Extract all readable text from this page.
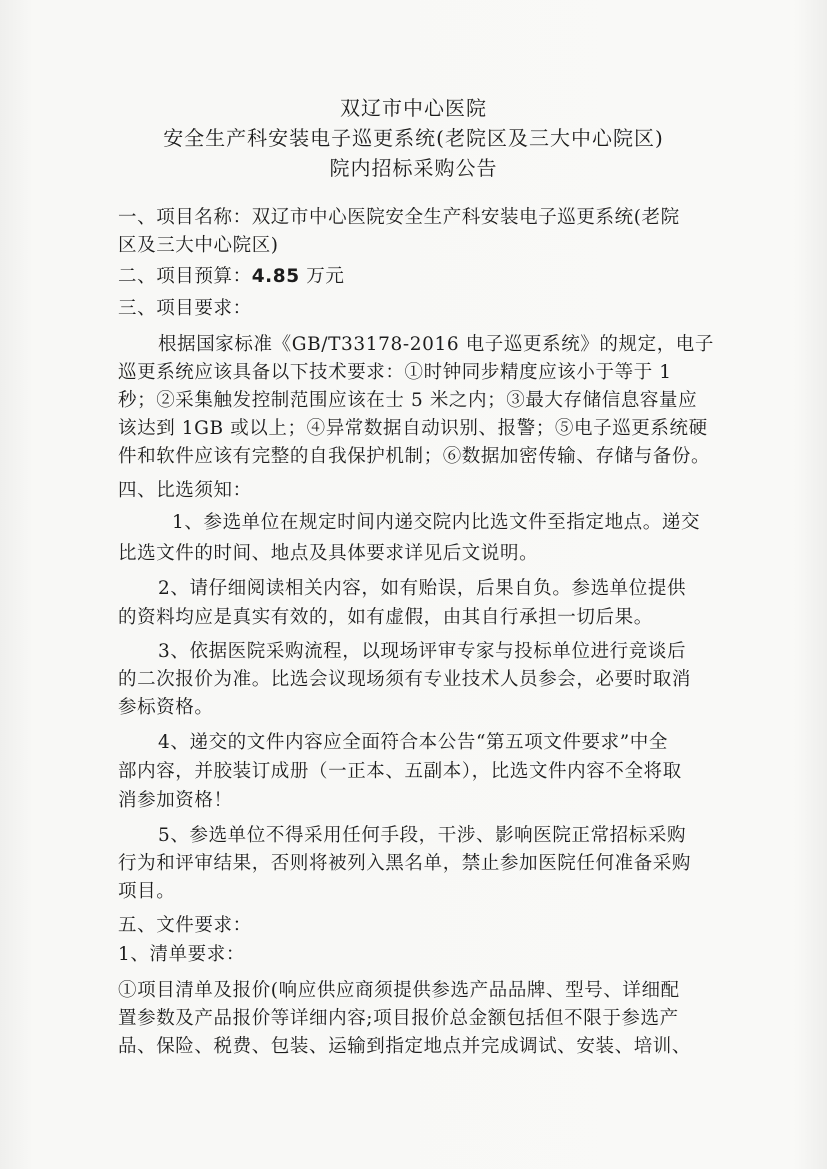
双辽市中心医院
安全生产科安装电子巡更系统(老院区及三大中心院区)
院内招标采购公告
一、项目名称：双辽市中心医院安全生产科安装电子巡更系统(老院
区及三大中心院区)
二、项目预算：4.85 万元
三、项目要求：
根据国家标准《GB/T33178-2016 电子巡更系统》的规定，电子
巡更系统应该具备以下技术要求：①时钟同步精度应该小于等于 1
秒；②采集触发控制范围应该在士 5 米之内；③最大存储信息容量应
该达到 1GB 或以上；④异常数据自动识别、报警；⑤电子巡更系统硬
件和软件应该有完整的自我保护机制；⑥数据加密传输、存储与备份。
四、比选须知：
1、参选单位在规定时间内递交院内比选文件至指定地点。递交
比选文件的时间、地点及具体要求详见后文说明。
2、请仔细阅读相关内容，如有贻误，后果自负。参选单位提供
的资料均应是真实有效的，如有虚假，由其自行承担一切后果。
3、依据医院采购流程，以现场评审专家与投标单位进行竞谈后
的二次报价为准。比选会议现场须有专业技术人员参会，必要时取消
参标资格。
4、递交的文件内容应全面符合本公告“第五项文件要求”中全
部内容，并胶装订成册（一正本、五副本），比选文件内容不全将取
消参加资格！
5、参选单位不得采用任何手段，干涉、影响医院正常招标采购
行为和评审结果，否则将被列入黑名单，禁止参加医院任何准备采购
项目。
五、文件要求：
1、清单要求：
①项目清单及报价(响应供应商须提供参选产品品牌、型号、详细配
置参数及产品报价等详细内容;项目报价总金额包括但不限于参选产
品、保险、税费、包装、运输到指定地点并完成调试、安装、培训、
